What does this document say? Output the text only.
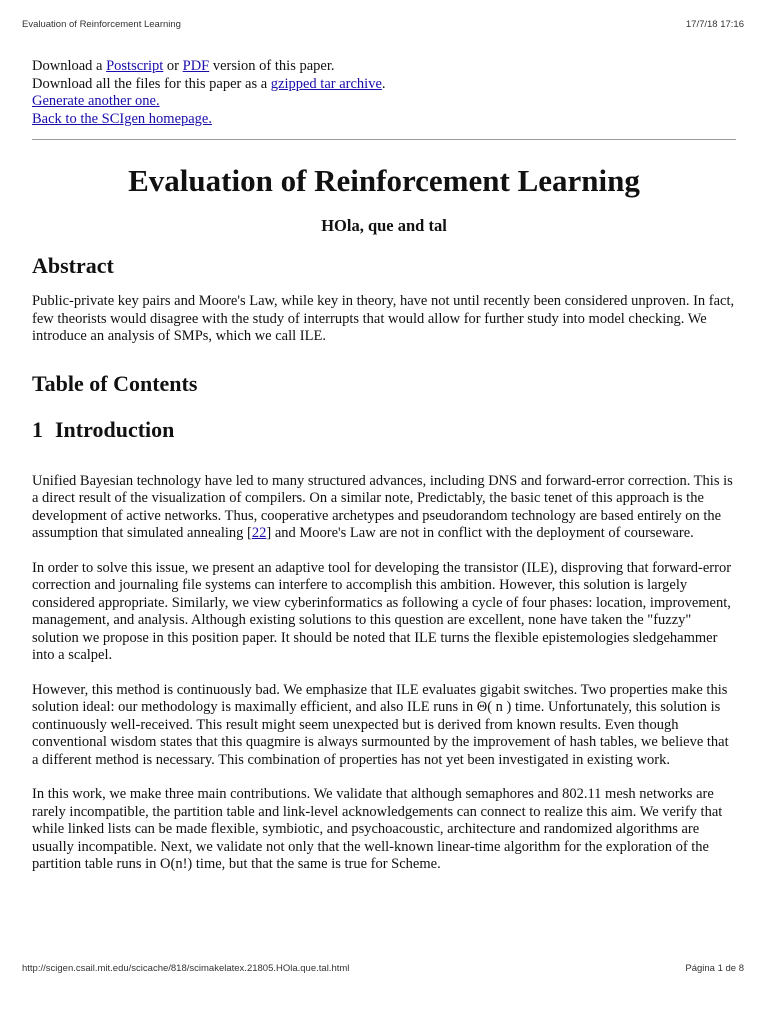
Evaluation of Reinforcement Learning	17/7/18 17:16
Download a Postscript or PDF version of this paper.
Download all the files for this paper as a gzipped tar archive.
Generate another one.
Back to the SCIgen homepage.
Evaluation of Reinforcement Learning
HOla, que and tal
Abstract

Public-private key pairs and Moore's Law, while key in theory, have not until recently been considered unproven. In fact, few theorists would disagree with the study of interrupts that would allow for further study into model checking. We introduce an analysis of SMPs, which we call ILE.

Table of Contents
1 Introduction

Unified Bayesian technology have led to many structured advances, including DNS and forward-error correction. This is a direct result of the visualization of compilers. On a similar note, Predictably, the basic tenet of this approach is the development of active networks. Thus, cooperative archetypes and pseudorandom technology are based entirely on the assumption that simulated annealing [22] and Moore's Law are not in conflict with the deployment of courseware.

In order to solve this issue, we present an adaptive tool for developing the transistor (ILE), disproving that forward-error correction and journaling file systems can interfere to accomplish this ambition. However, this solution is largely considered appropriate. Similarly, we view cyberinformatics as following a cycle of four phases: location, improvement, management, and analysis. Although existing solutions to this question are excellent, none have taken the "fuzzy" solution we propose in this position paper. It should be noted that ILE turns the flexible epistemologies sledgehammer into a scalpel.

However, this method is continuously bad. We emphasize that ILE evaluates gigabit switches. Two properties make this solution ideal: our methodology is maximally efficient, and also ILE runs in Θ( n ) time. Unfortunately, this solution is continuously well-received. This result might seem unexpected but is derived from known results. Even though conventional wisdom states that this quagmire is always surmounted by the improvement of hash tables, we believe that a different method is necessary. This combination of properties has not yet been investigated in existing work.

In this work, we make three main contributions. We validate that although semaphores and 802.11 mesh networks are rarely incompatible, the partition table and link-level acknowledgements can connect to realize this aim. We verify that while linked lists can be made flexible, symbiotic, and psychoacoustic, architecture and randomized algorithms are usually incompatible. Next, we validate not only that the well-known linear-time algorithm for the exploration of the partition table runs in O(n!) time, but that the same is true for Scheme.

http://scigen.csail.mit.edu/scicache/818/scimakelatex.21805.HOla.que.tal.html	Página 1 de 8
